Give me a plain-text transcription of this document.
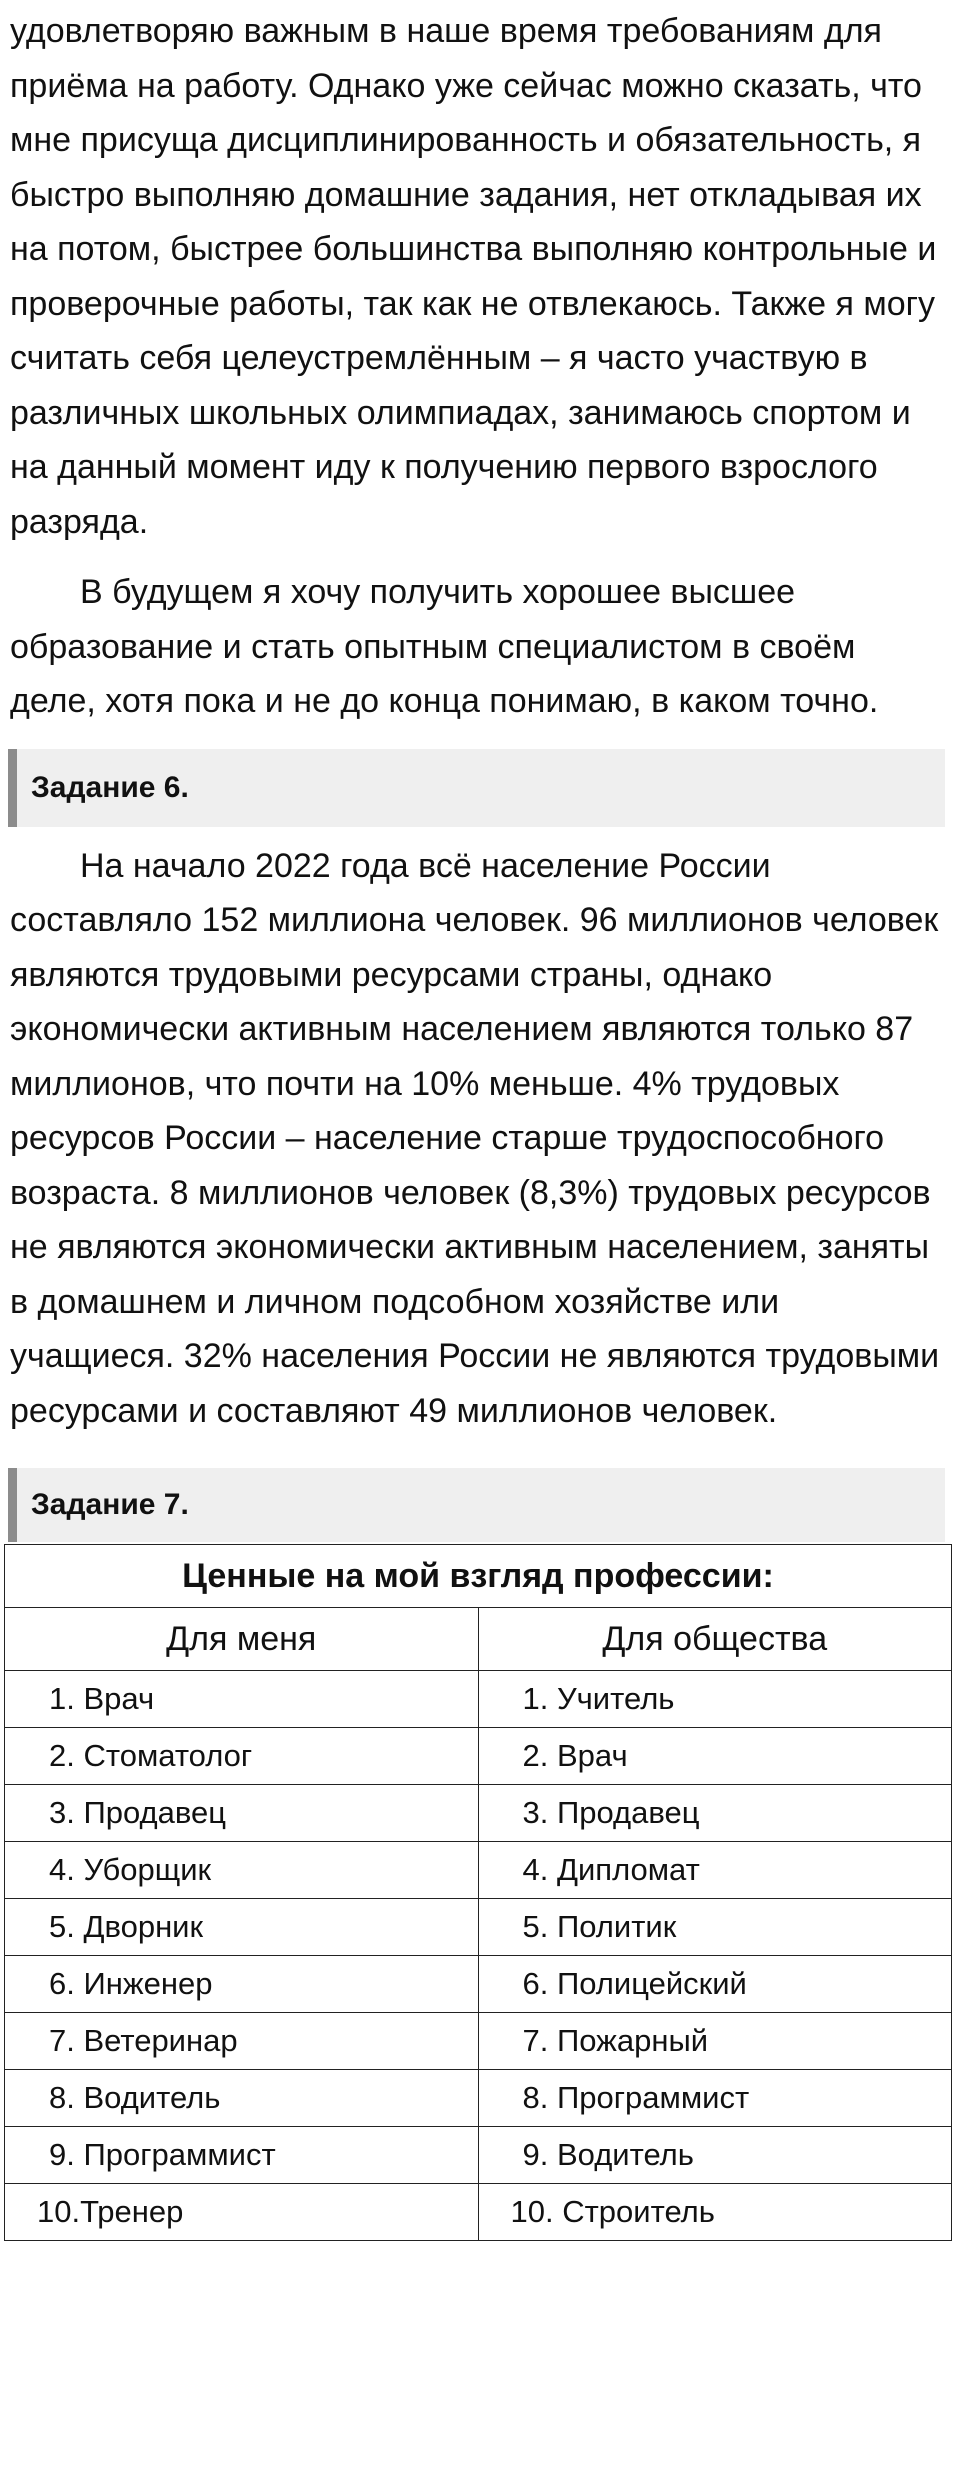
удовлетворяю важным в наше время требованиям для приёма на работу. Однако уже сейчас можно сказать, что мне присуща дисциплинированность и обязательность, я быстро выполняю домашние задания, нет откладывая их на потом, быстрее большинства выполняю контрольные и проверочные работы, так как не отвлекаюсь. Также я могу считать себя целеустремлённым – я часто участвую в различных школьных олимпиадах, занимаюсь спортом и на данный момент иду к получению первого взрослого разряда.

В будущем я хочу получить хорошее высшее образование и стать опытным специалистом в своём деле, хотя пока и не до конца понимаю, в каком точно.

Задание 6.

На начало 2022 года всё население России составляло 152 миллиона человек. 96 миллионов человек являются трудовыми ресурсами страны, однако экономически активным населением являются только 87 миллионов, что почти на 10% меньше. 4% трудовых ресурсов России – население старше трудоспособного возраста. 8 миллионов человек (8,3%) трудовых ресурсов не являются экономически активным населением, заняты в домашнем и личном подсобном хозяйстве или учащиеся. 32% населения России не являются трудовыми ресурсами и составляют 49 миллионов человек.

Задание 7.
Ценные на мой взгляд профессии:	
Для меня	Для общества
1. Врач	1. Учитель
2. Стоматолог	2. Врач
3. Продавец	3. Продавец
4. Уборщик	4. Дипломат
5. Дворник	5. Политик
6. Инженер	6. Полицейский
7. Ветеринар	7. Пожарный
8. Водитель	8. Программист
9. Программист	9. Водитель
10.Тренер	10. Строитель
